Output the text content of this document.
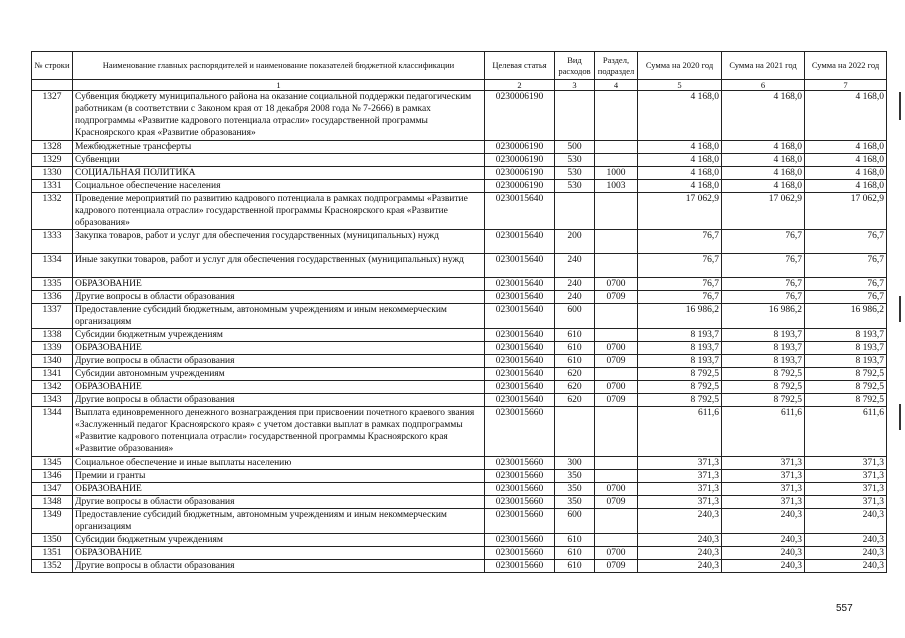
№ строки	Наименование главных распорядителей и наименование показателей бюджетной классификации	Целевая статья	Вид расходов	Раздел, подраздел	Сумма на 2020 год	Сумма на 2021 год	Сумма на 2022 год
	1	2	3	4	5	6	7
1327	Субвенция бюджету муниципального района на оказание социальной поддержки педагогическим работникам (в соответствии с Законом края от 18 декабря 2008 года № 7-2666) в рамках подпрограммы «Развитие кадрового потенциала отрасли» государственной программы Красноярского края «Развитие образования»	0230006190			4 168,0	4 168,0	4 168,0
1328	Межбюджетные трансферты	0230006190	500		4 168,0	4 168,0	4 168,0
1329	Субвенции	0230006190	530		4 168,0	4 168,0	4 168,0
1330	СОЦИАЛЬНАЯ ПОЛИТИКА	0230006190	530	1000	4 168,0	4 168,0	4 168,0
1331	Социальное обеспечение населения	0230006190	530	1003	4 168,0	4 168,0	4 168,0
1332	Проведение мероприятий по развитию кадрового потенциала в рамках подпрограммы «Развитие кадрового потенциала отрасли» государственной программы Красноярского края «Развитие образования»	0230015640			17 062,9	17 062,9	17 062,9
1333	Закупка товаров, работ и услуг для обеспечения государственных (муниципальных) нужд	0230015640	200		76,7	76,7	76,7
1334	Иные закупки товаров, работ и услуг для обеспечения государственных (муниципальных) нужд	0230015640	240		76,7	76,7	76,7
1335	ОБРАЗОВАНИЕ	0230015640	240	0700	76,7	76,7	76,7
1336	Другие вопросы в области образования	0230015640	240	0709	76,7	76,7	76,7
1337	Предоставление субсидий бюджетным, автономным учреждениям и иным некоммерческим организациям	0230015640	600		16 986,2	16 986,2	16 986,2
1338	Субсидии бюджетным учреждениям	0230015640	610		8 193,7	8 193,7	8 193,7
1339	ОБРАЗОВАНИЕ	0230015640	610	0700	8 193,7	8 193,7	8 193,7
1340	Другие вопросы в области образования	0230015640	610	0709	8 193,7	8 193,7	8 193,7
1341	Субсидии автономным учреждениям	0230015640	620		8 792,5	8 792,5	8 792,5
1342	ОБРАЗОВАНИЕ	0230015640	620	0700	8 792,5	8 792,5	8 792,5
1343	Другие вопросы в области образования	0230015640	620	0709	8 792,5	8 792,5	8 792,5
1344	Выплата единовременного денежного вознаграждения при присвоении почетного краевого звания «Заслуженный педагог Красноярского края» с учетом доставки выплат в рамках подпрограммы «Развитие кадрового потенциала отрасли» государственной программы Красноярского края «Развитие образования»	0230015660			611,6	611,6	611,6
1345	Социальное обеспечение и иные выплаты населению	0230015660	300		371,3	371,3	371,3
1346	Премии и гранты	0230015660	350		371,3	371,3	371,3
1347	ОБРАЗОВАНИЕ	0230015660	350	0700	371,3	371,3	371,3
1348	Другие вопросы в области образования	0230015660	350	0709	371,3	371,3	371,3
1349	Предоставление субсидий бюджетным, автономным учреждениям и иным некоммерческим организациям	0230015660	600		240,3	240,3	240,3
1350	Субсидии бюджетным учреждениям	0230015660	610		240,3	240,3	240,3
1351	ОБРАЗОВАНИЕ	0230015660	610	0700	240,3	240,3	240,3
1352	Другие вопросы в области образования	0230015660	610	0709	240,3	240,3	240,3
557
